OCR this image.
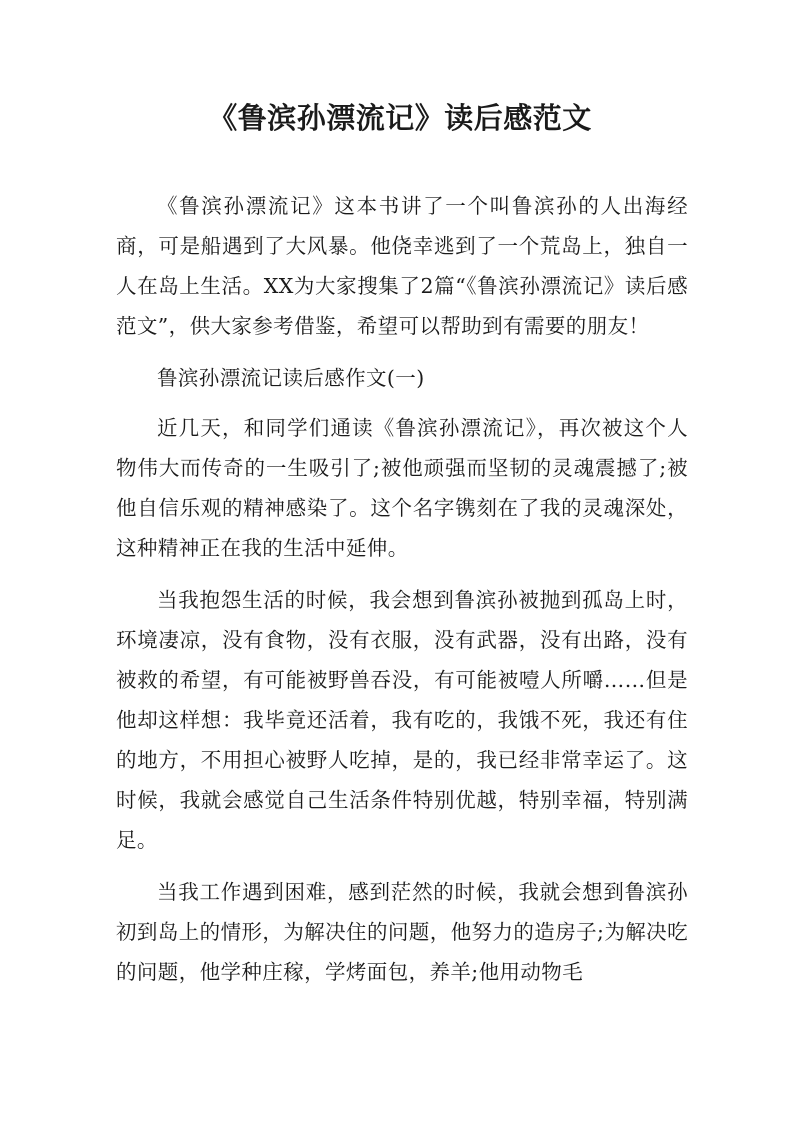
《鲁滨孙漂流记》读后感范文

《鲁滨孙漂流记》这本书讲了一个叫鲁滨孙的人出海经商，可是船遇到了大风暴。他侥幸逃到了一个荒岛上，独自一人在岛上生活。XX为大家搜集了2篇“《鲁滨孙漂流记》读后感范文”，供大家参考借鉴，希望可以帮助到有需要的朋友！

鲁滨孙漂流记读后感作文(一)

近几天，和同学们通读《鲁滨孙漂流记》，再次被这个人物伟大而传奇的一生吸引了;被他顽强而坚韧的灵魂震撼了;被他自信乐观的精神感染了。这个名字镌刻在了我的灵魂深处，这种精神正在我的生活中延伸。

当我抱怨生活的时候，我会想到鲁滨孙被抛到孤岛上时，环境凄凉，没有食物，没有衣服，没有武器，没有出路，没有被救的希望，有可能被野兽吞没，有可能被噎人所嚼……但是他却这样想：我毕竟还活着，我有吃的，我饿不死，我还有住的地方，不用担心被野人吃掉，是的，我已经非常幸运了。这时候，我就会感觉自己生活条件特别优越，特别幸福，特别满足。

当我工作遇到困难，感到茫然的时候，我就会想到鲁滨孙初到岛上的情形，为解决住的问题，他努力的造房子;为解决吃的问题，他学种庄稼，学烤面包，养羊;他用动物毛
